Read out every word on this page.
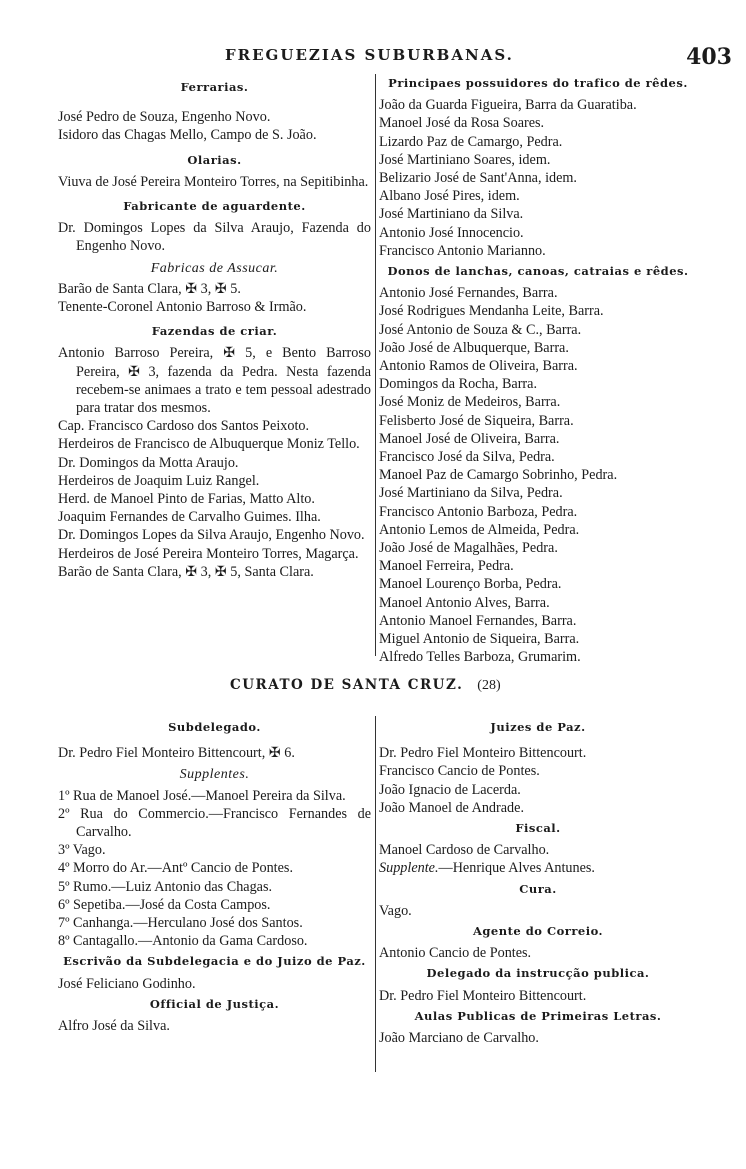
FREGUEZIAS SUBURBANAS.	403
Ferrarias.
José Pedro de Souza, Engenho Novo.
Isidoro das Chagas Mello, Campo de S. João.
Olarias.
Viuva de José Pereira Monteiro Torres, na Sepitibinha.
Fabricante de aguardente.
Dr. Domingos Lopes da Silva Araujo, Fazenda do Engenho Novo.
Fabricas de Assucar.
Barão de Santa Clara, ✠ 3, ✠ 5.
Tenente-Coronel Antonio Barroso & Irmão.
Fazendas de criar.
Antonio Barroso Pereira, ✠ 5, e Bento Barroso Pereira, ✠ 3, fazenda da Pedra. Nesta fazenda recebem-se animaes a trato e tem pessoal adestrado para tratar dos mesmos.
Cap. Francisco Cardoso dos Santos Peixoto.
Herdeiros de Francisco de Albuquerque Moniz Tello.
Dr. Domingos da Motta Araujo.
Herdeiros de Joaquim Luiz Rangel.
Herd. de Manoel Pinto de Farias, Matto Alto.
Joaquim Fernandes de Carvalho Guimes. Ilha.
Dr. Domingos Lopes da Silva Araujo, Engenho Novo.
Herdeiros de José Pereira Monteiro Torres, Magarça.
Barão de Santa Clara, ✠ 3, ✠ 5, Santa Clara.
Principaes possuidores do trafico de rêdes.
João da Guarda Figueira, Barra da Guaratiba.
Manoel José da Rosa Soares.
Lizardo Paz de Camargo, Pedra.
José Martiniano Soares, idem.
Belizario José de Sant'Anna, idem.
Albano José Pires, idem.
José Martiniano da Silva.
Antonio José Innocencio.
Francisco Antonio Marianno.
Donos de lanchas, canoas, catraias e rêdes.
Antonio José Fernandes, Barra.
José Rodrigues Mendanha Leite, Barra.
José Antonio de Souza & C., Barra.
João José de Albuquerque, Barra.
Antonio Ramos de Oliveira, Barra.
Domingos da Rocha, Barra.
José Moniz de Medeiros, Barra.
Felisberto José de Siqueira, Barra.
Manoel José de Oliveira, Barra.
Francisco José da Silva, Pedra.
Manoel Paz de Camargo Sobrinho, Pedra.
José Martiniano da Silva, Pedra.
Francisco Antonio Barboza, Pedra.
Antonio Lemos de Almeida, Pedra.
João José de Magalhães, Pedra.
Manoel Ferreira, Pedra.
Manoel Lourenço Borba, Pedra.
Manoel Antonio Alves, Barra.
Antonio Manoel Fernandes, Barra.
Miguel Antonio de Siqueira, Barra.
Alfredo Telles Barboza, Grumarim.
CURATO DE SANTA CRUZ. (28)
Subdelegado.
Dr. Pedro Fiel Monteiro Bittencourt, ✠ 6.
Supplentes.
1º Rua de Manoel José.—Manoel Pereira da Silva.
2º Rua do Commercio.—Francisco Fernandes de Carvalho.
3º Vago.
4º Morro do Ar.—Antº Cancio de Pontes.
5º Rumo.—Luiz Antonio das Chagas.
6º Sepetiba.—José da Costa Campos.
7º Canhanga.—Herculano José dos Santos.
8º Cantagallo.—Antonio da Gama Cardoso.
Escrivão da Subdelegacia e do Juizo de Paz.
José Feliciano Godinho.
Official de Justiça.
Alfro José da Silva.
Juizes de Paz.
Dr. Pedro Fiel Monteiro Bittencourt.
Francisco Cancio de Pontes.
João Ignacio de Lacerda.
João Manoel de Andrade.
Fiscal.
Manoel Cardoso de Carvalho.
Supplente.—Henrique Alves Antunes.
Cura.
Vago.
Agente do Correio.
Antonio Cancio de Pontes.
Delegado da instrucção publica.
Dr. Pedro Fiel Monteiro Bittencourt.
Aulas Publicas de Primeiras Letras.
João Marciano de Carvalho.
